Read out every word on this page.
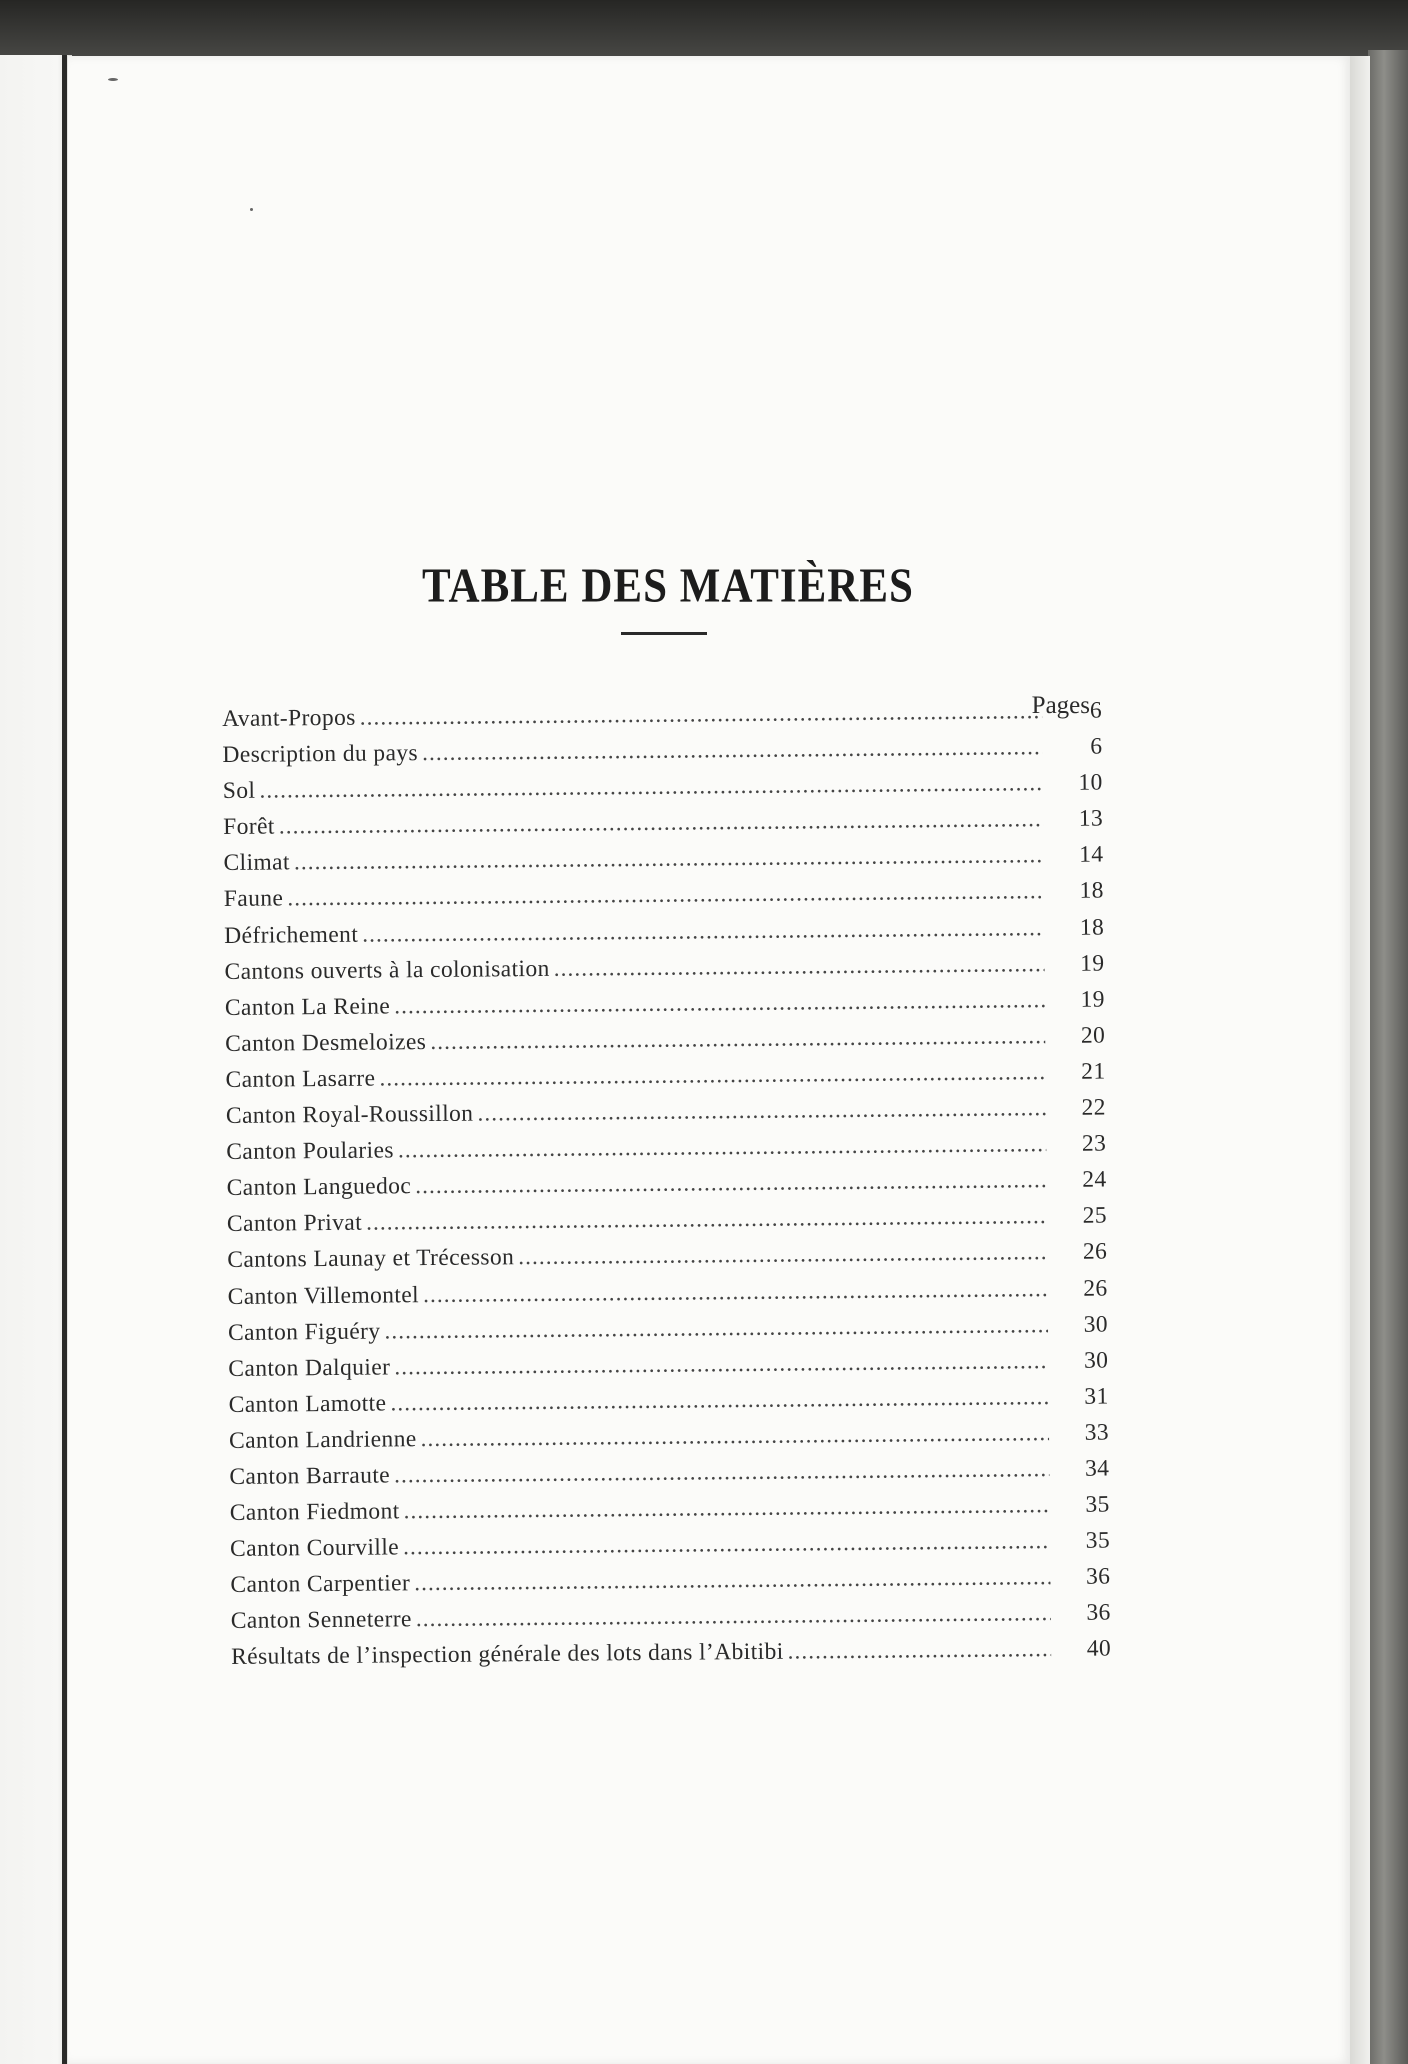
TABLE DES MATIÈRES
Pages
Avant-Propos .....	6
Description du pays .....	6
Sol .....	10
Forêt .....	13
Climat .....	14
Faune .....	18
Défrichement .....	18
Cantons ouverts à la colonisation .....	19
Canton La Reine .....	19
Canton Desmeloizes .....	20
Canton Lasarre .....	21
Canton Royal-Roussillon .....	22
Canton Poularies .....	23
Canton Languedoc .....	24
Canton Privat .....	25
Cantons Launay et Trécesson .....	26
Canton Villemontel .....	26
Canton Figuéry .....	30
Canton Dalquier .....	30
Canton Lamotte .....	31
Canton Landrienne .....	33
Canton Barraute .....	34
Canton Fiedmont .....	35
Canton Courville .....	35
Canton Carpentier .....	36
Canton Senneterre .....	36
Résultats de l’inspection générale des lots dans l’Abitibi .....	40
